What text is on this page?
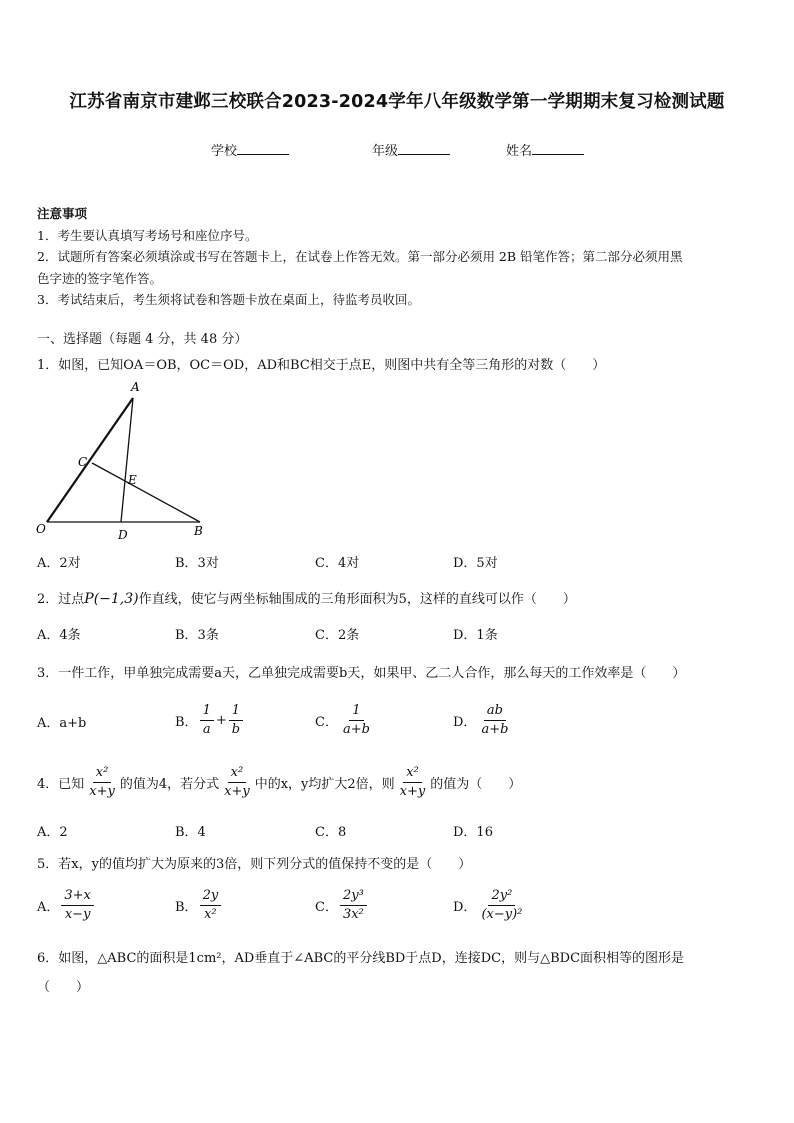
江苏省南京市建邺三校联合2023-2024学年八年级数学第一学期期末复习检测试题
学校	年级	姓名
注意事项
1．考生要认真填写考场号和座位序号。
2．试题所有答案必须填涂或书写在答题卡上，在试卷上作答无效。第一部分必须用 2B 铅笔作答；第二部分必须用黑
色字迹的签字笔作答。
3．考试结束后，考生须将试卷和答题卡放在桌面上，待监考员收回。
一、选择题（每题 4 分，共 48 分）
1．如图，已知OA＝OB，OC＝OD，AD和BC相交于点E，则图中共有全等三角形的对数（　　）
A
C
E
O	D	B
A．2对	B．3对	C．4对	D．5对
2．过点P(−1,3)作直线，使它与两坐标轴围成的三角形面积为5，这样的直线可以作（　　）
A．4条	B．3条	C．2条	D．1条
3．一件工作，甲单独完成需要a天，乙单独完成需要b天，如果甲、乙二人合作，那么每天的工作效率是（　　）
A．a+b	B． $\frac{1}{a} + \frac{1}{b}$	C． $\frac{1}{a+b}$	D． $\frac{ab}{a+b}$
4．已知 $\frac{\text{x²}}{x+y}$ 的值为4，若分式 $\frac{\text{x²}}{x+y}$ 中的x，y均扩大2倍，则 $\frac{\text{x²}}{x+y}$ 的值为（　　）
A．2	B．4	C．8	D．16
5．若x，y的值均扩大为原来的3倍，则下列分式的值保持不变的是（　　）
A． $\frac{3+x}{x-y}$	B． $\frac{2y}{\text{x²}}$	C． $\frac{\text{2y³}}{\text{3x²}}$	D． $\frac{\text{2y²}}{\text{(x−y)²}}$
6．如图，△ABC的面积是1cm²，AD垂直于∠ABC的平分线BD于点D，连接DC，则与△BDC面积相等的图形是
（　　）
